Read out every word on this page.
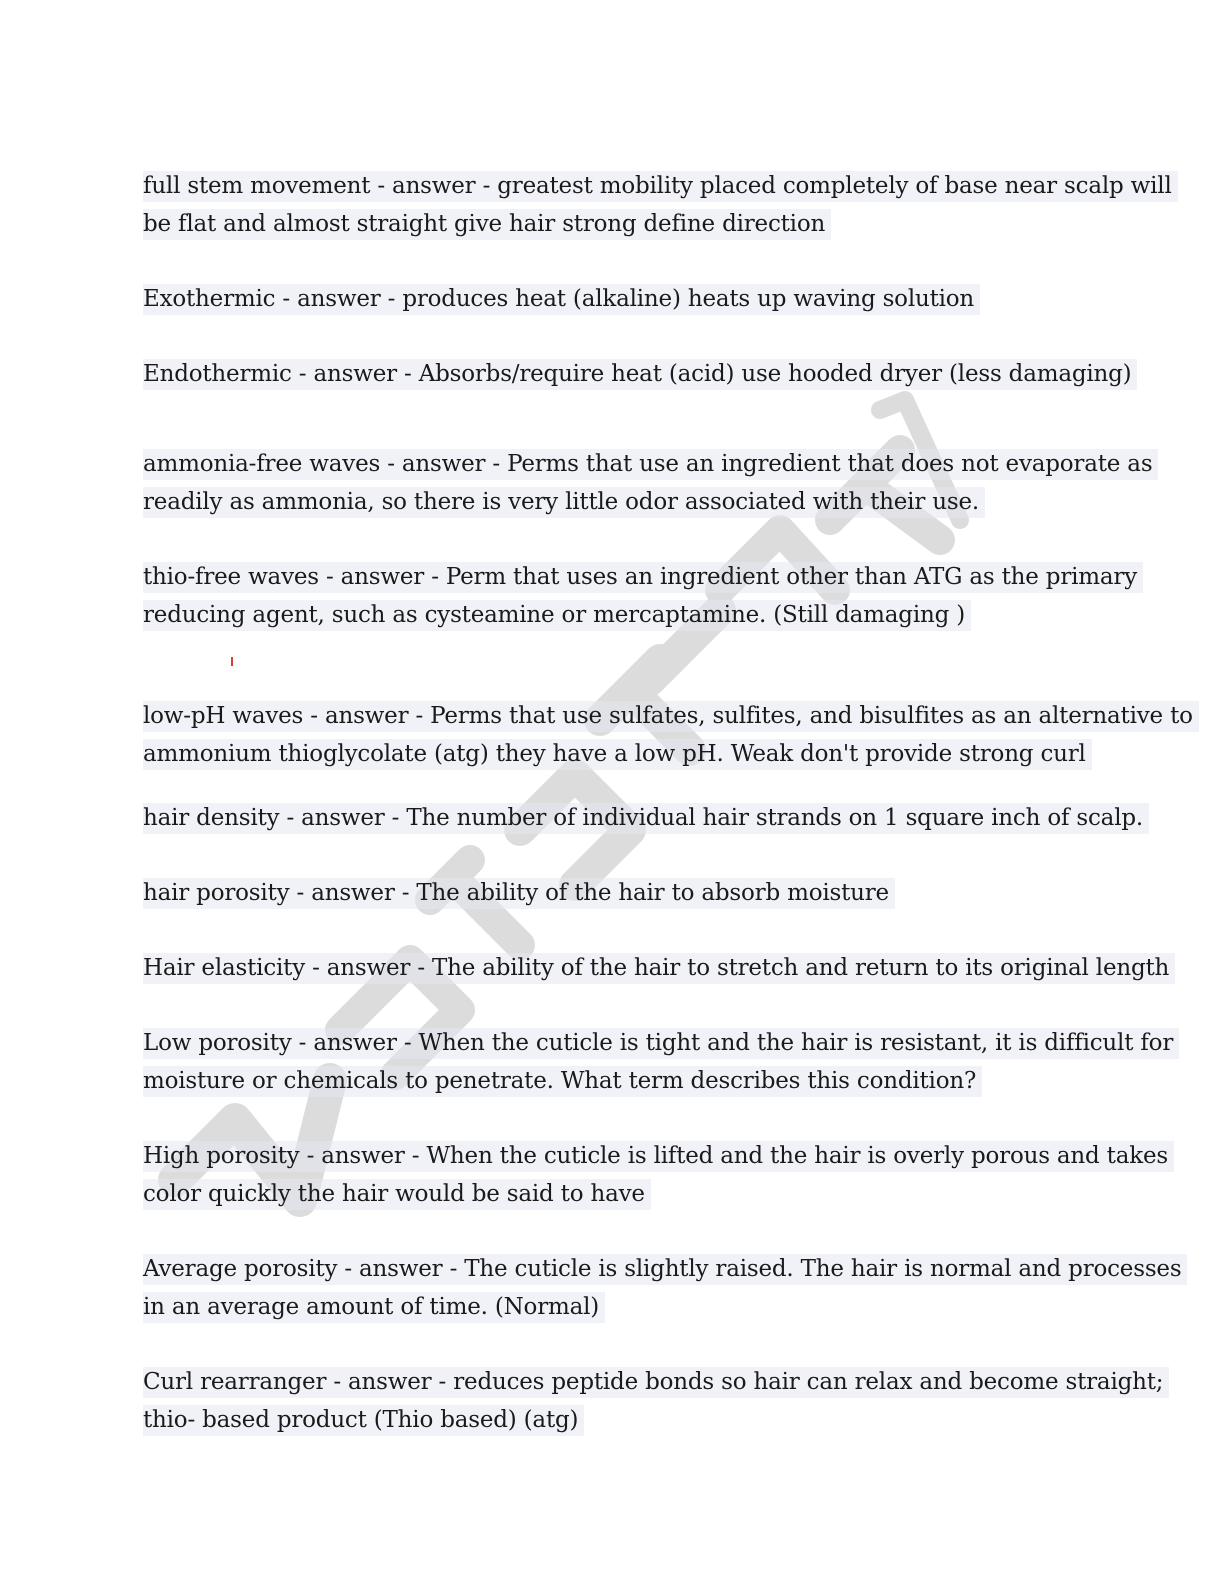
full stem movement - answer - greatest mobility placed completely of base near scalp will
be flat and almost straight give hair strong define direction
Exothermic - answer - produces heat (alkaline) heats up waving solution
Endothermic - answer - Absorbs/require heat (acid) use hooded dryer (less damaging)
ammonia-free waves - answer - Perms that use an ingredient that does not evaporate as
readily as ammonia, so there is very little odor associated with their use.
thio-free waves - answer - Perm that uses an ingredient other than ATG as the primary
reducing agent, such as cysteamine or mercaptamine. (Still damaging )
low-pH waves - answer - Perms that use sulfates, sulfites, and bisulfites as an alternative to
ammonium thioglycolate (atg) they have a low pH. Weak don't provide strong curl
hair density - answer - The number of individual hair strands on 1 square inch of scalp.
hair porosity - answer - The ability of the hair to absorb moisture
Hair elasticity - answer - The ability of the hair to stretch and return to its original length
Low porosity - answer - When the cuticle is tight and the hair is resistant, it is difficult for
moisture or chemicals to penetrate. What term describes this condition?
High porosity - answer - When the cuticle is lifted and the hair is overly porous and takes
color quickly the hair would be said to have
Average porosity - answer - The cuticle is slightly raised. The hair is normal and processes
in an average amount of time. (Normal)
Curl rearranger - answer - reduces peptide bonds so hair can relax and become straight;
thio- based product (Thio based) (atg)
